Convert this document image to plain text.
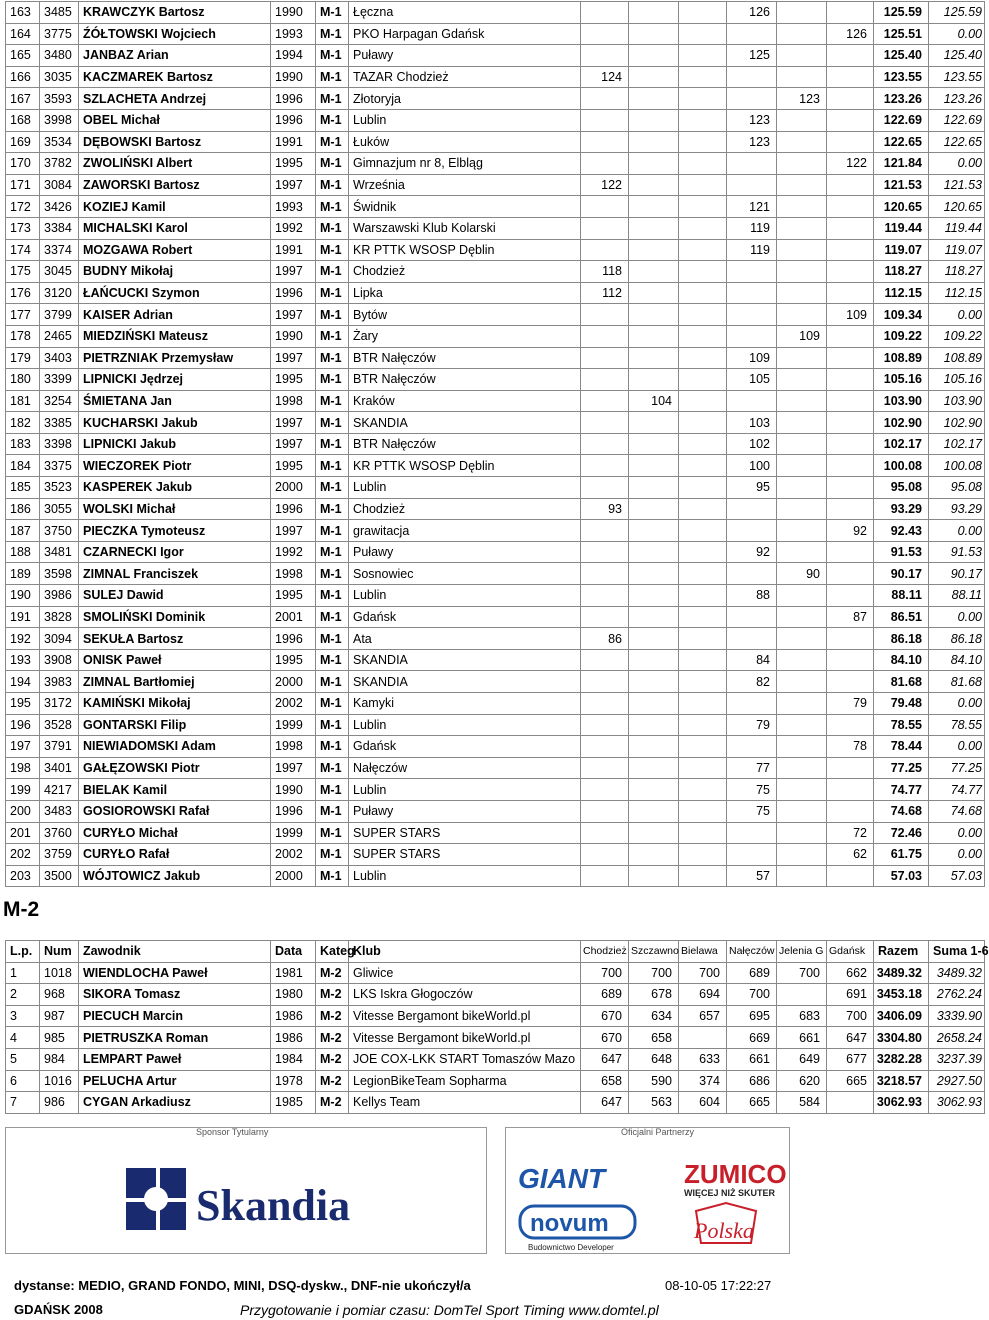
163	3485	KRAWCZYK Bartosz	1990	M-1	Łęczna				126			125.59	125.59
164	3775	ŹÓŁTOWSKI Wojciech	1993	M-1	PKO Harpagan Gdańsk						126	125.51	0.00
165	3480	JANBAZ Arian	1994	M-1	Puławy				125			125.40	125.40
166	3035	KACZMAREK Bartosz	1990	M-1	TAZAR Chodzież	124						123.55	123.55
167	3593	SZLACHETA Andrzej	1996	M-1	Złotoryja					123		123.26	123.26
168	3998	OBEL Michał	1996	M-1	Lublin				123			122.69	122.69
169	3534	DĘBOWSKI Bartosz	1991	M-1	Łuków				123			122.65	122.65
170	3782	ZWOLIŃSKI Albert	1995	M-1	Gimnazjum nr 8, Elbląg						122	121.84	0.00
171	3084	ZAWORSKI Bartosz	1997	M-1	Września	122						121.53	121.53
172	3426	KOZIEJ Kamil	1993	M-1	Świdnik				121			120.65	120.65
173	3384	MICHALSKI Karol	1992	M-1	Warszawski Klub Kolarski				119			119.44	119.44
174	3374	MOZGAWA Robert	1991	M-1	KR PTTK WSOSP Dęblin				119			119.07	119.07
175	3045	BUDNY Mikołaj	1997	M-1	Chodzież	118						118.27	118.27
176	3120	ŁAŃCUCKI Szymon	1996	M-1	Lipka	112						112.15	112.15
177	3799	KAISER Adrian	1997	M-1	Bytów						109	109.34	0.00
178	2465	MIEDZIŃSKI Mateusz	1990	M-1	Żary					109		109.22	109.22
179	3403	PIETRZNIAK Przemysław	1997	M-1	BTR Nałęczów				109			108.89	108.89
180	3399	LIPNICKI Jędrzej	1995	M-1	BTR Nałęczów				105			105.16	105.16
181	3254	ŚMIETANA Jan	1998	M-1	Kraków		104					103.90	103.90
182	3385	KUCHARSKI Jakub	1997	M-1	SKANDIA				103			102.90	102.90
183	3398	LIPNICKI Jakub	1997	M-1	BTR Nałęczów				102			102.17	102.17
184	3375	WIECZOREK Piotr	1995	M-1	KR PTTK WSOSP Dęblin				100			100.08	100.08
185	3523	KASPEREK Jakub	2000	M-1	Lublin				95			95.08	95.08
186	3055	WOLSKI Michał	1996	M-1	Chodzież	93						93.29	93.29
187	3750	PIECZKA Tymoteusz	1997	M-1	grawitacja						92	92.43	0.00
188	3481	CZARNECKI Igor	1992	M-1	Puławy				92			91.53	91.53
189	3598	ZIMNAL Franciszek	1998	M-1	Sosnowiec					90		90.17	90.17
190	3986	SULEJ Dawid	1995	M-1	Lublin				88			88.11	88.11
191	3828	SMOLIŃSKI Dominik	2001	M-1	Gdańsk						87	86.51	0.00
192	3094	SEKUŁA Bartosz	1996	M-1	Ata	86						86.18	86.18
193	3908	ONISK Paweł	1995	M-1	SKANDIA				84			84.10	84.10
194	3983	ZIMNAL Bartłomiej	2000	M-1	SKANDIA				82			81.68	81.68
195	3172	KAMIŃSKI Mikołaj	2002	M-1	Kamyki						79	79.48	0.00
196	3528	GONTARSKI Filip	1999	M-1	Lublin				79			78.55	78.55
197	3791	NIEWIADOMSKI Adam	1998	M-1	Gdańsk						78	78.44	0.00
198	3401	GAŁĘZOWSKI Piotr	1997	M-1	Nałęczów				77			77.25	77.25
199	4217	BIELAK Kamil	1990	M-1	Lublin				75			74.77	74.77
200	3483	GOSIOROWSKI Rafał	1996	M-1	Puławy				75			74.68	74.68
201	3760	CURYŁO Michał	1999	M-1	SUPER STARS						72	72.46	0.00
202	3759	CURYŁO Rafał	2002	M-1	SUPER STARS						62	61.75	0.00
203	3500	WÓJTOWICZ Jakub	2000	M-1	Lublin				57			57.03	57.03
M-2
L.p.	Num	Zawodnik	Data	Kateg	Klub	Chodzież	Szczawno	Bielawa	Nałęczów	Jelenia G	Gdańsk	Razem	Suma 1-6
1	1018	WIENDLOCHA Paweł	1981	M-2	Gliwice	700	700	700	689	700	662	3489.32	3489.32
2	968	SIKORA Tomasz	1980	M-2	LKS Iskra Głogoczów	689	678	694	700		691	3453.18	2762.24
3	987	PIECUCH Marcin	1986	M-2	Vitesse Bergamont bikeWorld.pl	670	634	657	695	683	700	3406.09	3339.90
4	985	PIETRUSZKA Roman	1986	M-2	Vitesse Bergamont bikeWorld.pl	670	658		669	661	647	3304.80	2658.24
5	984	LEMPART Paweł	1984	M-2	JOE COX-LKK START Tomaszów Mazo	647	648	633	661	649	677	3282.28	3237.39
6	1016	PELUCHA Artur	1978	M-2	LegionBikeTeam Sopharma	658	590	374	686	620	665	3218.57	2927.50
7	986	CYGAN Arkadiusz	1985	M-2	Kellys Team	647	563	604	665	584		3062.93	3062.93
Sponsor Tytularny
Skandia
Oficjalni Partnerzy
GIANT	ZUMICO
WIĘCEJ NIŻ SKUTER
novum
Budownictwo Developer
Polska
dystanse: MEDIO, GRAND FONDO, MINI, DSQ-dyskw., DNF-nie ukończył/a	08-10-05 17:22:27
GDAŃSK 2008	Przygotowanie i pomiar czasu: DomTel Sport Timing www.domtel.pl
